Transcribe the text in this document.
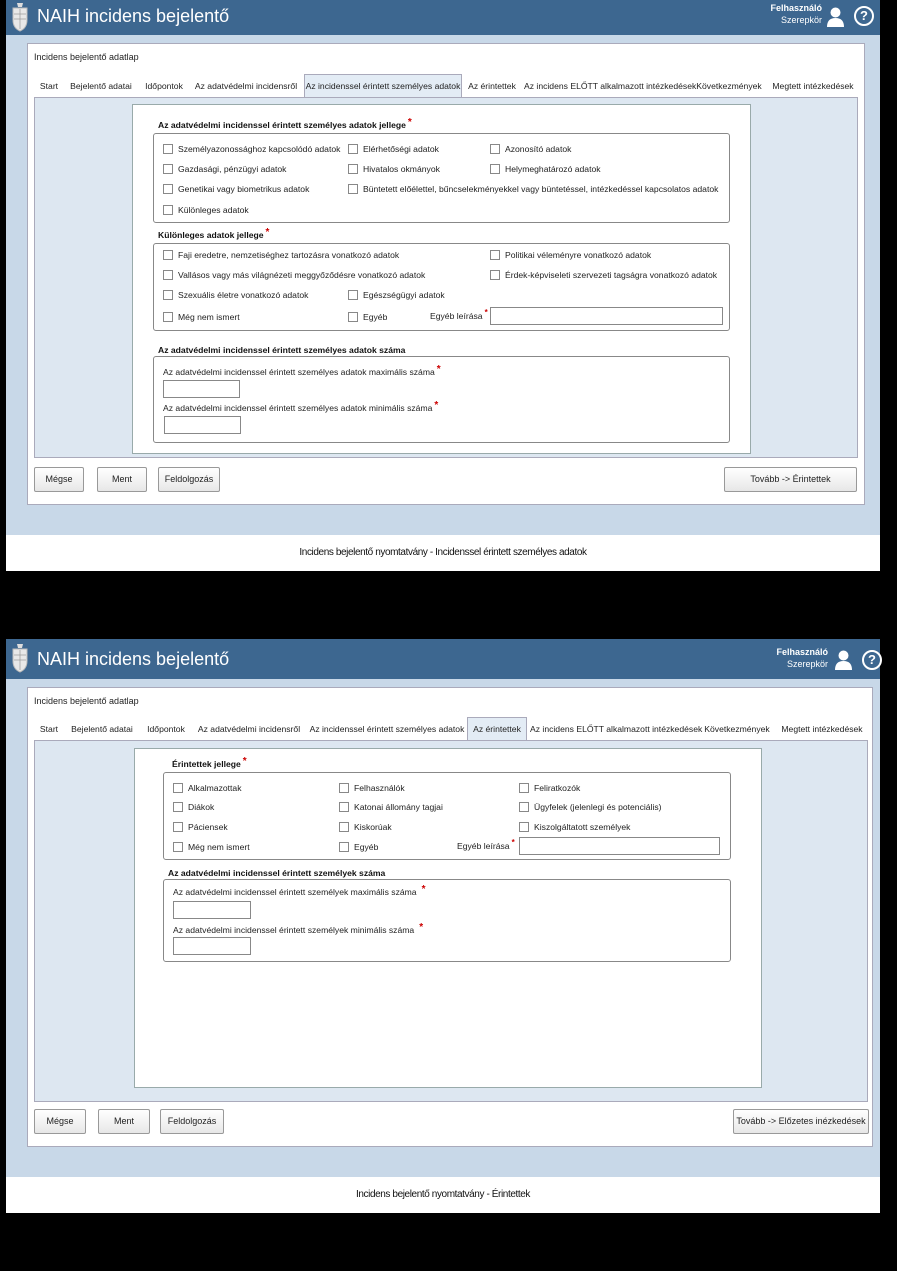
NAIH incidens bejelentő	Felhasználó
Szerepkör	?
Incidens bejelentő adatlap
Start	Bejelentő adatai	Időpontok	Az adatvédelmi incidensről Az incidenssel érintett személyes adatok Az érintettek Az incidens ELŐTT alkalmazott intézkedések Következmények Megtett intézkedések
Az adatvédelmi incidenssel érintett személyes adatok jellege *
Személyazonossághoz kapcsolódó adatok	Elérhetőségi adatok	Azonosító adatok
Gazdasági, pénzügyi adatok	Hivatalos okmányok	Helymeghatározó adatok
Genetikai vagy biometrikus adatok	Büntetett előélettel, bűncselekményekkel vagy büntetéssel, intézkedéssel kapcsolatos adatok
Különleges adatok
Különleges adatok jellege *
Faji eredetre, nemzetiséghez tartozásra vonatkozó adatok	Politikai véleményre vonatkozó adatok
Vallásos vagy más világnézeti meggyőződésre vonatkozó adatok	Érdek-képviseleti szervezeti tagságra vonatkozó adatok
Szexuális életre vonatkozó adatok	Egészségügyi adatok
Még nem ismert	Egyéb	Egyéb leírása *
Az adatvédelmi incidenssel érintett személyes adatok száma
Az adatvédelmi incidenssel érintett személyes adatok maximális száma *
Az adatvédelmi incidenssel érintett személyes adatok minimális száma *
Mégse	Ment	Feldolgozás	Tovább -> Érintettek
Incidens bejelentő nyomtatvány - Incidenssel érintett személyes adatok
NAIH incidens bejelentő	Felhasználó
Szerepkör	?
Incidens bejelentő adatlap
Start	Bejelentő adatai	Időpontok	Az adatvédelmi incidensről Az incidenssel érintett személyes adatok	Az érintettek	Az incidens ELŐTT alkalmazott intézkedések Következmények Megtett intézkedések
Érintettek jellege *
Alkalmazottak	Felhasználók	Feliratkozók
Diákok	Katonai állomány tagjai	Ügyfelek (jelenlegi és potenciális)
Páciensek	Kiskorúak	Kiszolgáltatott személyek
Még nem ismert	Egyéb	Egyéb leírása *
Az adatvédelmi incidenssel érintett személyek száma
Az adatvédelmi incidenssel érintett személyek maximális száma *
Az adatvédelmi incidenssel érintett személyek minimális száma *
Mégse	Ment	Feldolgozás	Tovább -> Előzetes inézkedések
Incidens bejelentő nyomtatvány - Érintettek
